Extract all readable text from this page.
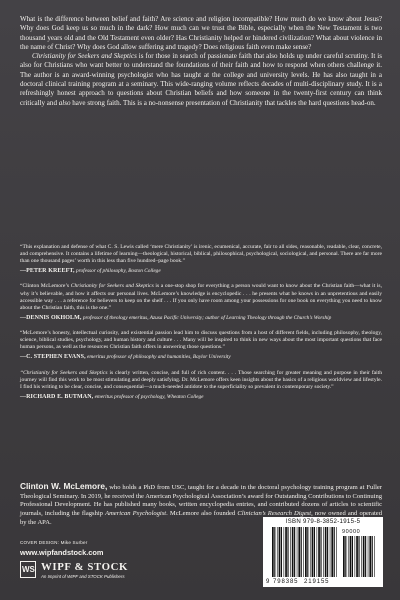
What is the difference between belief and faith? Are science and religion incompatible? How much do we know about Jesus? Why does God keep us so much in the dark? How much can we trust the Bible, especially when the New Testament is two thousand years old and the Old Testament even older? Has Christianity helped or hindered civilization? What about violence in the name of Christ? Why does God allow suffering and tragedy? Does religious faith even make sense?

Christianity for Seekers and Skeptics is for those in search of passionate faith that also holds up under careful scrutiny. It is also for Christians who want better to understand the foundations of their faith and how to respond when others challenge it. The author is an award-winning psychologist who has taught at the college and university levels. He has also taught in a doctoral clinical training program at a seminary. This wide-ranging volume reflects decades of multi-disciplinary study. It is a refreshingly honest approach to questions about Christian beliefs and how someone in the twenty-first century can think critically and also have strong faith. This is a no-nonsense presentation of Christianity that tackles the hard questions head-on.

“This explanation and defense of what C. S. Lewis called ‘mere Christianity’ is irenic, ecumenical, accurate, fair to all sides, reasonable, readable, clear, concrete, and comprehensive. It contains a lifetime of learning—theological, historical, biblical, philosophical, psychological, sociological, and personal. There are far more than one thousand pages’ worth in this less than five hundred–page book.”

—PETER KREEFT, professor of philosophy, Boston College

“Clinton McLemore’s Christianity for Seekers and Skeptics is a one-stop shop for everything a person would want to know about the Christian faith—what it is, why it’s believable, and how it affects our personal lives. McLemore’s knowledge is encyclopedic . . . he presents what he knows in an unpretentious and easily accessible way . . . a reference for believers to keep on the shelf . . . If you only have room among your possessions for one book on everything you need to know about the Christian faith, this is the one.”

—DENNIS OKHOLM, professor of theology emeritus, Azusa Pacific University; author of Learning Theology through the Church’s Worship

“McLemore’s honesty, intellectual curiosity, and existential passion lead him to discuss questions from a host of different fields, including philosophy, theology, science, biblical studies, psychology, and human history and culture . . . Many will be inspired to think in new ways about the most important questions that face human persons, as well as the resources Christian faith offers in answering those questions.”

—C. STEPHEN EVANS, emeritus professor of philosophy and humanities, Baylor University

“Christianity for Seekers and Skeptics is clearly written, concise, and full of rich content. . . . Those searching for greater meaning and purpose in their faith journey will find this work to be most stimulating and deeply satisfying. Dr. McLemore offers keen insights about the basics of a religious worldview and lifestyle. I find his writing to be clear, concise, and consequential—a much-needed antidote to the superficiality so prevalent in contemporary society.”

—RICHARD E. BUTMAN, emeritus professor of psychology, Wheaton College

Clinton W. McLemore, who holds a PhD from USC, taught for a decade in the doctoral psychology training program at Fuller Theological Seminary. In 2019, he received the American Psychological Association’s award for Outstanding Contributions to Continuing Professional Development. He has published many books, written encyclopedia entries, and contributed dozens of articles to scientific journals, including the flagship American Psychologist. McLemore also founded Clinician’s Research Digest, now owned and operated by the APA.

COVER DESIGN: Mike Surber
www.wipfandstock.com
WS WIPF & STOCK
An Imprint of WIPF and STOCK Publishers
9 798385 219155
90000
ISBN 979-8-3852-1915-5
